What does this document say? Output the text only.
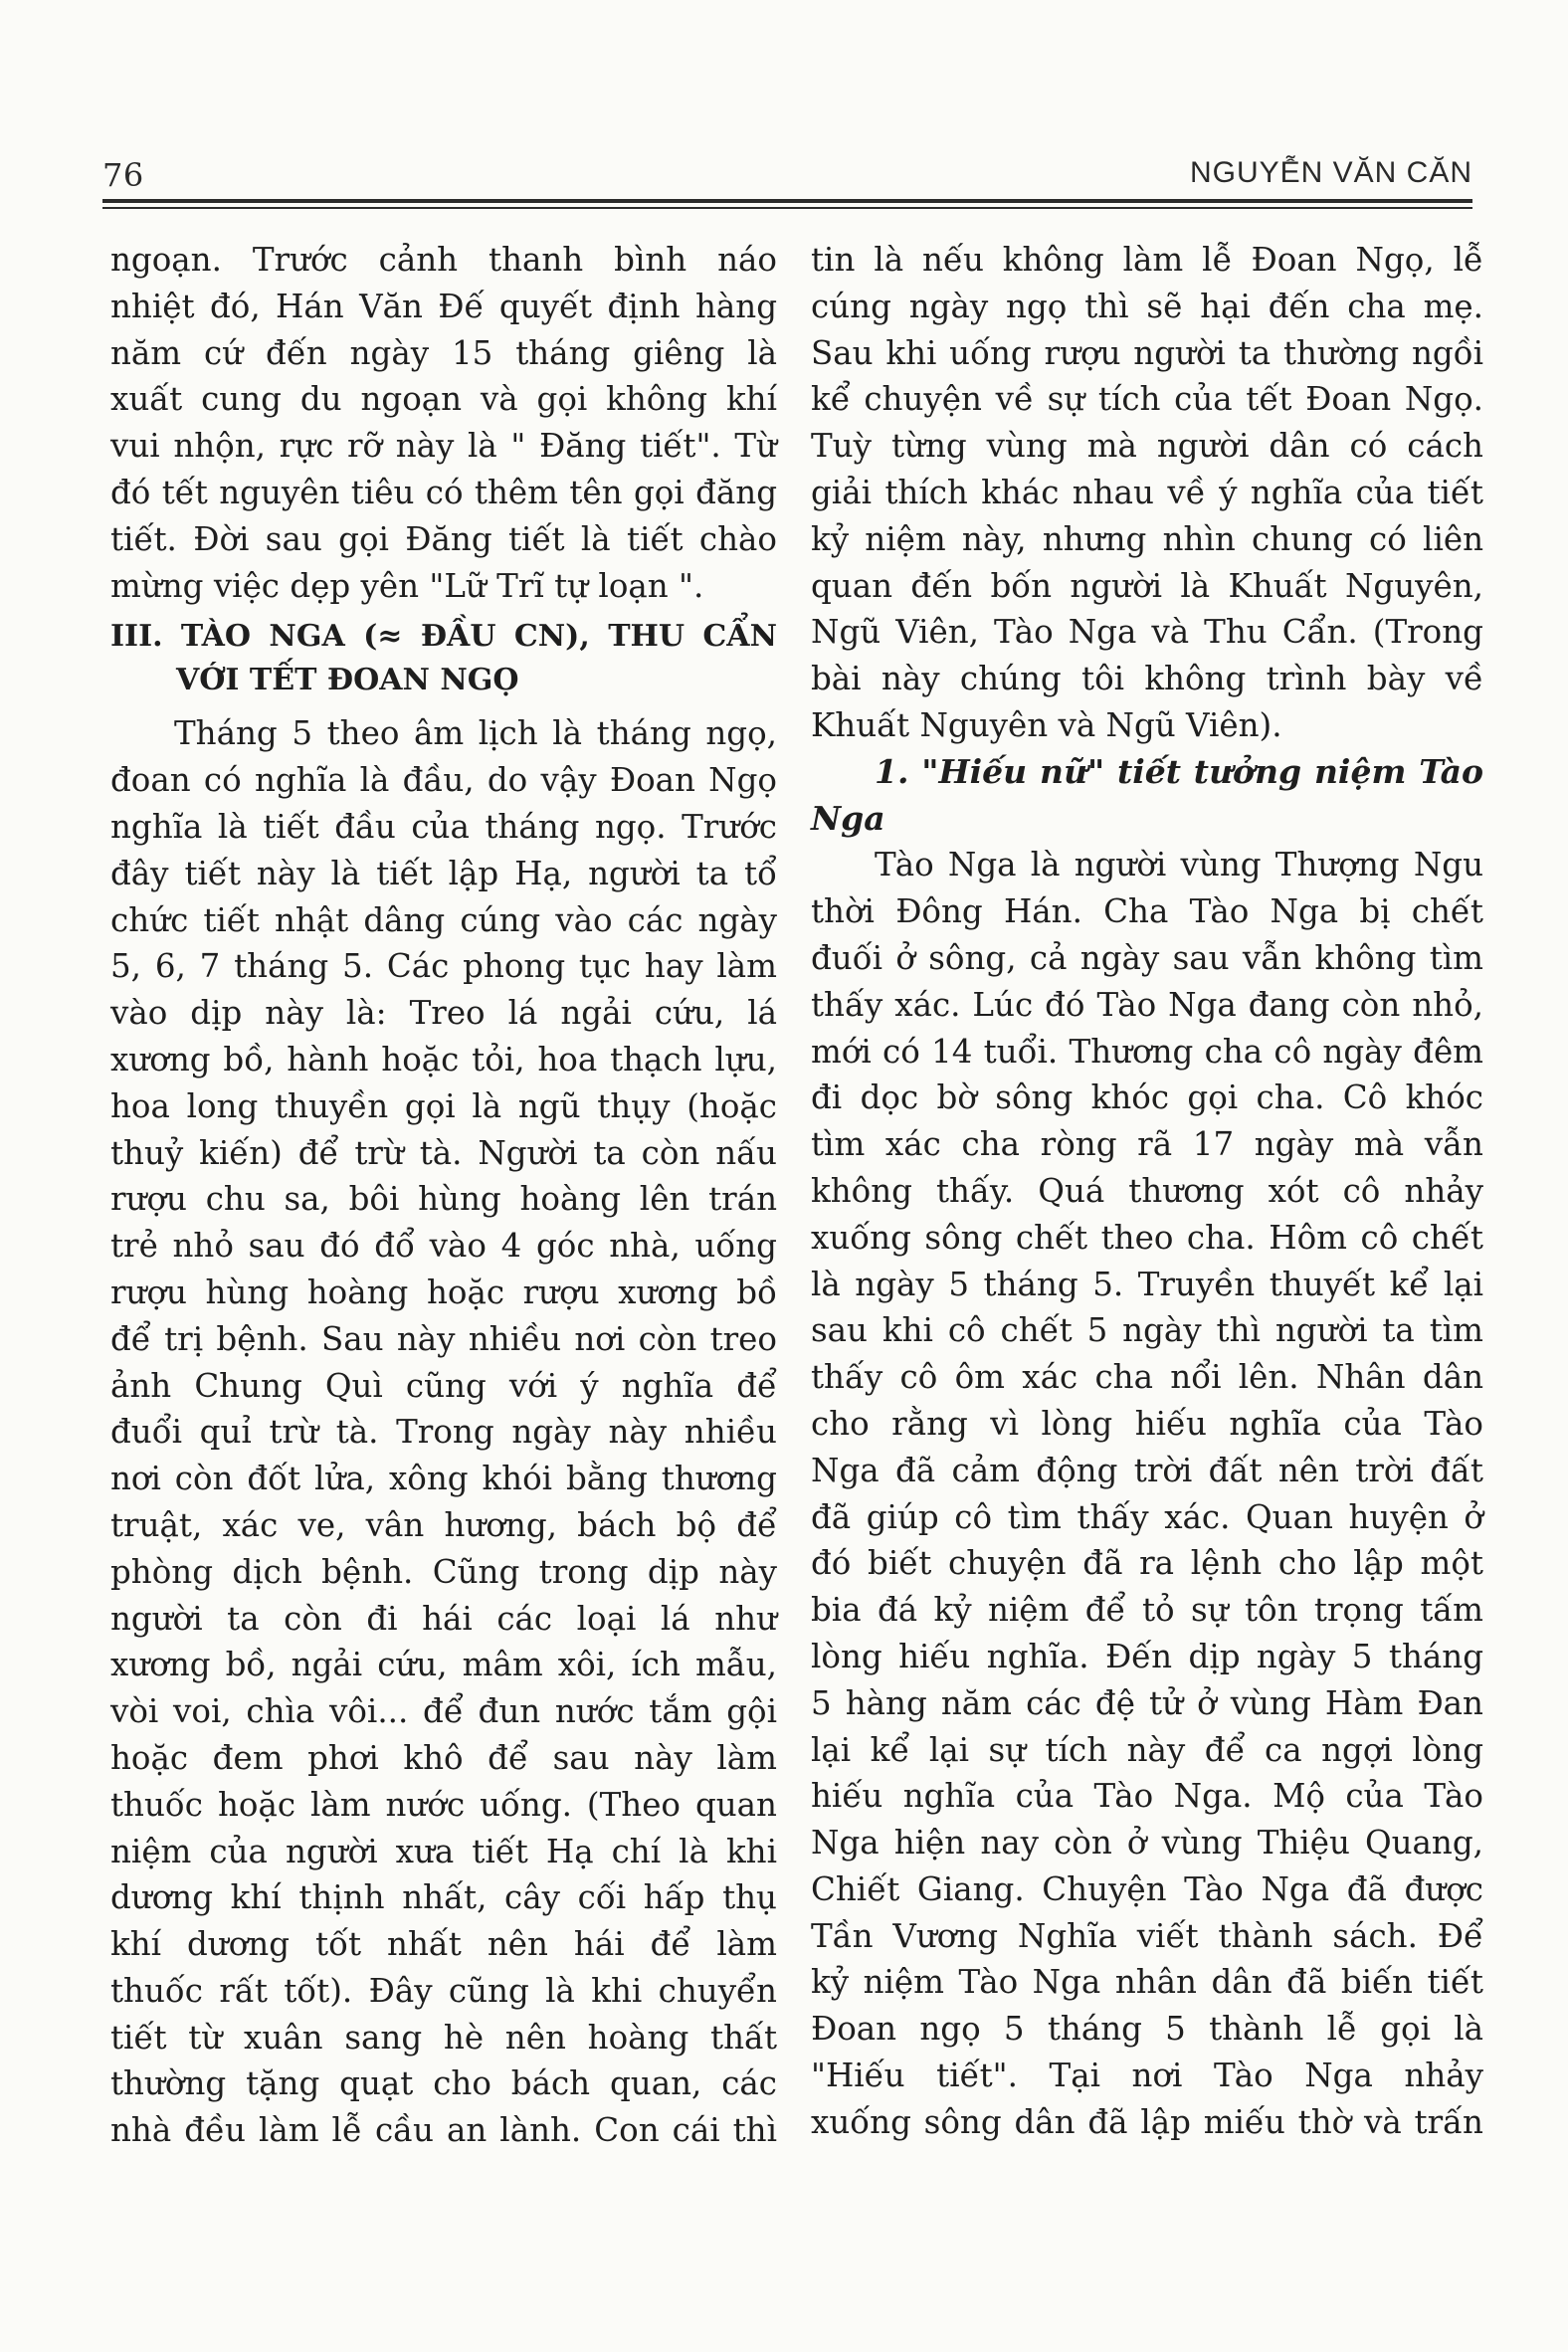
76	NGUYỄN VĂN CĂN
ngoạn. Trước cảnh thanh bình náo
nhiệt đó, Hán Văn Đế quyết định hàng
năm cứ đến ngày 15 tháng giêng là
xuất cung du ngoạn và gọi không khí
vui nhộn, rực rỡ này là " Đăng tiết". Từ
đó tết nguyên tiêu có thêm tên gọi đăng
tiết. Đời sau gọi Đăng tiết là tiết chào
mừng việc dẹp yên "Lữ Trĩ tự loạn ".
III. TÀO NGA (≈ ĐẦU CN), THU CẨN
VỚI TẾT ĐOAN NGỌ
Tháng 5 theo âm lịch là tháng ngọ,
đoan có nghĩa là đầu, do vậy Đoan Ngọ
nghĩa là tiết đầu của tháng ngọ. Trước
đây tiết này là tiết lập Hạ, người ta tổ
chức tiết nhật dâng cúng vào các ngày
5, 6, 7 tháng 5. Các phong tục hay làm
vào dịp này là: Treo lá ngải cứu, lá
xương bồ, hành hoặc tỏi, hoa thạch lựu,
hoa long thuyền gọi là ngũ thụy (hoặc
thuỷ kiến) để trừ tà. Người ta còn nấu
rượu chu sa, bôi hùng hoàng lên trán
trẻ nhỏ sau đó đổ vào 4 góc nhà, uống
rượu hùng hoàng hoặc rượu xương bồ
để trị bệnh. Sau này nhiều nơi còn treo
ảnh Chung Quì cũng với ý nghĩa để
đuổi quỉ trừ tà. Trong ngày này nhiều
nơi còn đốt lửa, xông khói bằng thương
truật, xác ve, vân hương, bách bộ để
phòng dịch bệnh. Cũng trong dịp này
người ta còn đi hái các loại lá như
xương bồ, ngải cứu, mâm xôi, ích mẫu,
vòi voi, chìa vôi... để đun nước tắm gội
hoặc đem phơi khô để sau này làm
thuốc hoặc làm nước uống. (Theo quan
niệm của người xưa tiết Hạ chí là khi
dương khí thịnh nhất, cây cối hấp thụ
khí dương tốt nhất nên hái để làm
thuốc rất tốt). Đây cũng là khi chuyển
tiết từ xuân sang hè nên hoàng thất
thường tặng quạt cho bách quan, các
nhà đều làm lễ cầu an lành. Con cái thì
tin là nếu không làm lễ Đoan Ngọ, lễ
cúng ngày ngọ thì sẽ hại đến cha mẹ.
Sau khi uống rượu người ta thường ngồi
kể chuyện về sự tích của tết Đoan Ngọ.
Tuỳ từng vùng mà người dân có cách
giải thích khác nhau về ý nghĩa của tiết
kỷ niệm này, nhưng nhìn chung có liên
quan đến bốn người là Khuất Nguyên,
Ngũ Viên, Tào Nga và Thu Cẩn. (Trong
bài này chúng tôi không trình bày về
Khuất Nguyên và Ngũ Viên).
1. "Hiếu nữ" tiết tưởng niệm Tào
Nga
Tào Nga là người vùng Thượng Ngu
thời Đông Hán. Cha Tào Nga bị chết
đuối ở sông, cả ngày sau vẫn không tìm
thấy xác. Lúc đó Tào Nga đang còn nhỏ,
mới có 14 tuổi. Thương cha cô ngày đêm
đi dọc bờ sông khóc gọi cha. Cô khóc
tìm xác cha ròng rã 17 ngày mà vẫn
không thấy. Quá thương xót cô nhảy
xuống sông chết theo cha. Hôm cô chết
là ngày 5 tháng 5. Truyền thuyết kể lại
sau khi cô chết 5 ngày thì người ta tìm
thấy cô ôm xác cha nổi lên. Nhân dân
cho rằng vì lòng hiếu nghĩa của Tào
Nga đã cảm động trời đất nên trời đất
đã giúp cô tìm thấy xác. Quan huyện ở
đó biết chuyện đã ra lệnh cho lập một
bia đá kỷ niệm để tỏ sự tôn trọng tấm
lòng hiếu nghĩa. Đến dịp ngày 5 tháng
5 hàng năm các đệ tử ở vùng Hàm Đan
lại kể lại sự tích này để ca ngợi lòng
hiếu nghĩa của Tào Nga. Mộ của Tào
Nga hiện nay còn ở vùng Thiệu Quang,
Chiết Giang. Chuyện Tào Nga đã được
Tần Vương Nghĩa viết thành sách. Để
kỷ niệm Tào Nga nhân dân đã biến tiết
Đoan ngọ 5 tháng 5 thành lễ gọi là
"Hiếu tiết". Tại nơi Tào Nga nhảy
xuống sông dân đã lập miếu thờ và trấn
